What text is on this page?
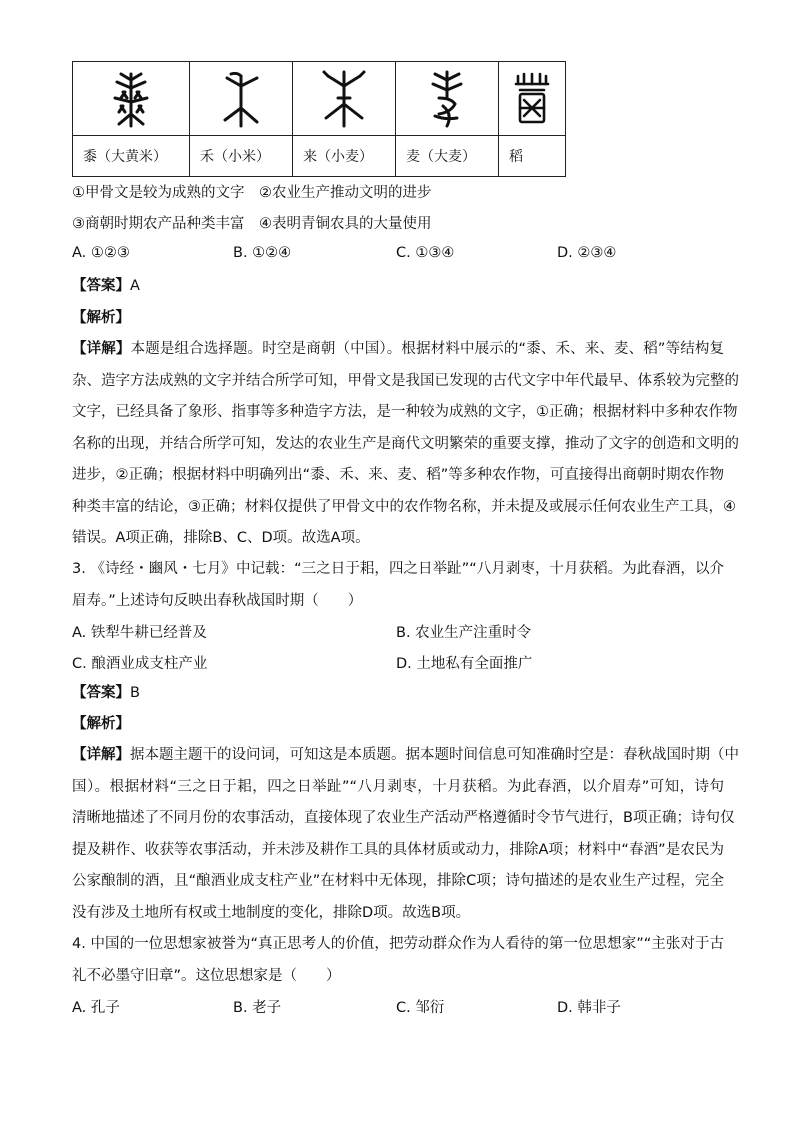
黍（大黄米）	禾（小米）	来（小麦）	麦（大麦）	稻
①甲骨文是较为成熟的文字　②农业生产推动文明的进步
③商朝时期农产品种类丰富　④表明青铜农具的大量使用
A. ①②③	B. ①②④	C. ①③④	D. ②③④
【答案】A
【解析】
【详解】本题是组合选择题。时空是商朝（中国）。根据材料中展示的“黍、禾、来、麦、稻”等结构复
杂、造字方法成熟的文字并结合所学可知，甲骨文是我国已发现的古代文字中年代最早、体系较为完整的
文字，已经具备了象形、指事等多种造字方法，是一种较为成熟的文字，①正确；根据材料中多种农作物
名称的出现，并结合所学可知，发达的农业生产是商代文明繁荣的重要支撑，推动了文字的创造和文明的
进步，②正确；根据材料中明确列出“黍、禾、来、麦、稻”等多种农作物，可直接得出商朝时期农作物
种类丰富的结论，③正确；材料仅提供了甲骨文中的农作物名称，并未提及或展示任何农业生产工具，④
错误。A项正确，排除B、C、D项。故选A项。
3. 《诗经・豳风・七月》中记载：“三之日于耜，四之日举趾”“八月剥枣，十月获稻。为此春酒，以介
眉寿。”上述诗句反映出春秋战国时期（　　）
A. 铁犁牛耕已经普及	B. 农业生产注重时令
C. 酿酒业成支柱产业	D. 土地私有全面推广
【答案】B
【解析】
【详解】据本题主题干的设问词，可知这是本质题。据本题时间信息可知准确时空是：春秋战国时期（中
国）。根据材料“三之日于耜，四之日举趾”“八月剥枣，十月获稻。为此春酒，以介眉寿”可知，诗句
清晰地描述了不同月份的农事活动，直接体现了农业生产活动严格遵循时令节气进行，B项正确；诗句仅
提及耕作、收获等农事活动，并未涉及耕作工具的具体材质或动力，排除A项；材料中“春酒”是农民为
公家酿制的酒，且“酿酒业成支柱产业”在材料中无体现，排除C项；诗句描述的是农业生产过程，完全
没有涉及土地所有权或土地制度的变化，排除D项。故选B项。
4. 中国的一位思想家被誉为“真正思考人的价值，把劳动群众作为人看待的第一位思想家”“主张对于古
礼不必墨守旧章”。这位思想家是（　　）
A. 孔子	B. 老子	C. 邹衍	D. 韩非子
